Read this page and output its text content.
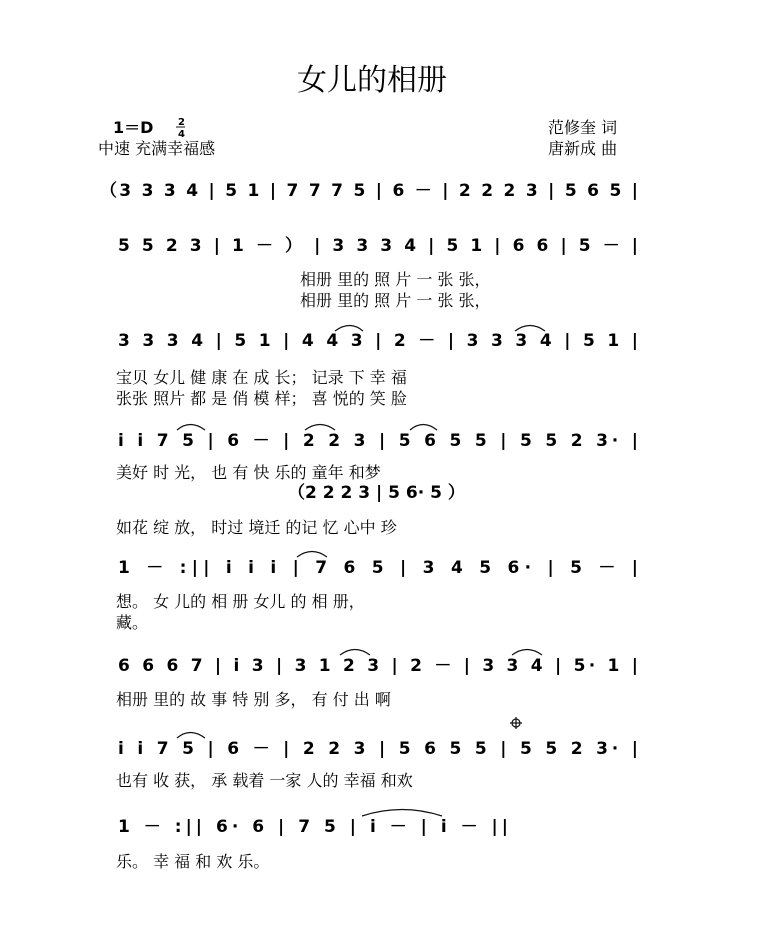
女儿的相册
1＝D 2
4
中速 充满幸福感
范修奎 词
唐新成 曲
（3 3 3 4 | 5 1 | 7 7 7 5 | 6 － | 2 2 2 3 | 5 6 5 |
5 5 2 3 | 1 － ） | 3 3 3 4 | 5 1 | 6 6 | 5 － |
相册 里的 照 片 一 张 张，
相册 里的 照 片 一 张 张，
3 3 3 4 | 5 1 | 4 4 3 | 2 － | 3 3 3 4 | 5 1 |
宝贝 女儿 健 康 在 成 长； 记录 下 幸 福
张张 照片 都 是 俏 模 样； 喜 悦的 笑 脸
i i 7 5 | 6 － | 2 2 3 | 5 6 5 5 | 5 5 2 3· |
美好 时 光， 也 有 快 乐的 童年 和梦
（2 2 2 3 | 5 6· 5 ）
如花 绽 放， 时过 境迁 的记 忆 心中 珍
1 － :|| i i i | 7 6 5 | 3 4 5 6· | 5 － |
想。 女 儿的 相 册 女儿 的 相 册，
藏。
6 6 6 7 | i 3 | 3 1 2 3 | 2 － | 3 3 4 | 5· 1 |
相册 里的 故 事 特 别 多， 有 付 出 啊
i i 7 5 | 6 － | 2 2 3 | 5 6 5 5 | 5 5 2 3· |
也有 收 获， 承 载着 一家 人的 幸福 和欢
1 － :|| 6· 6 | 7 5 | i － | i － ||
乐。 幸 福 和 欢 乐。
